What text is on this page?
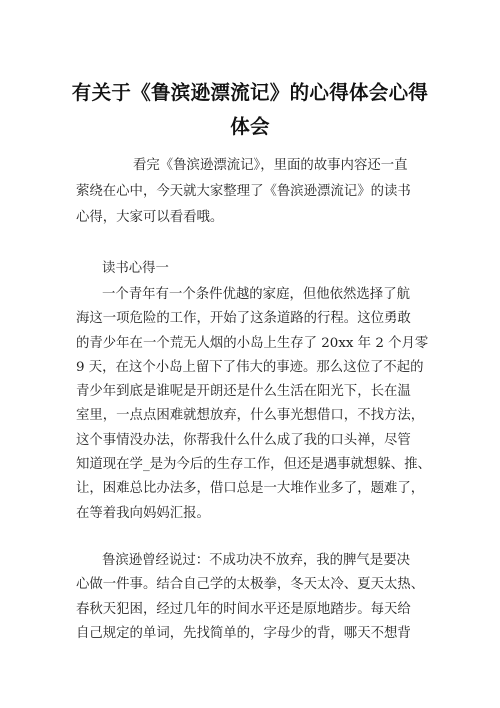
有关于《鲁滨逊漂流记》的心得体会心得
体会
看完《鲁滨逊漂流记》，里面的故事内容还一直
萦绕在心中，今天就大家整理了《鲁滨逊漂流记》的读书
心得，大家可以看看哦。
读书心得一
一个青年有一个条件优越的家庭，但他依然选择了航
海这一项危险的工作，开始了这条道路的行程。这位勇敢
的青少年在一个荒无人烟的小岛上生存了 20xx 年 2 个月零
9 天，在这个小岛上留下了伟大的事迹。那么这位了不起的
青少年到底是谁呢是开朗还是什么生活在阳光下，长在温
室里，一点点困难就想放弃，什么事光想借口，不找方法，
这个事情没办法，你帮我什么什么成了我的口头禅，尽管
知道现在学_是为今后的生存工作，但还是遇事就想躲、推、
让，困难总比办法多，借口总是一大堆作业多了，题难了，
在等着我向妈妈汇报。
鲁滨逊曾经说过：不成功决不放弃，我的脾气是要决
心做一件事。结合自己学的太极拳，冬天太冷、夏天太热、
春秋天犯困，经过几年的时间水平还是原地踏步。每天给
自己规定的单词，先找简单的，字母少的背，哪天不想背
